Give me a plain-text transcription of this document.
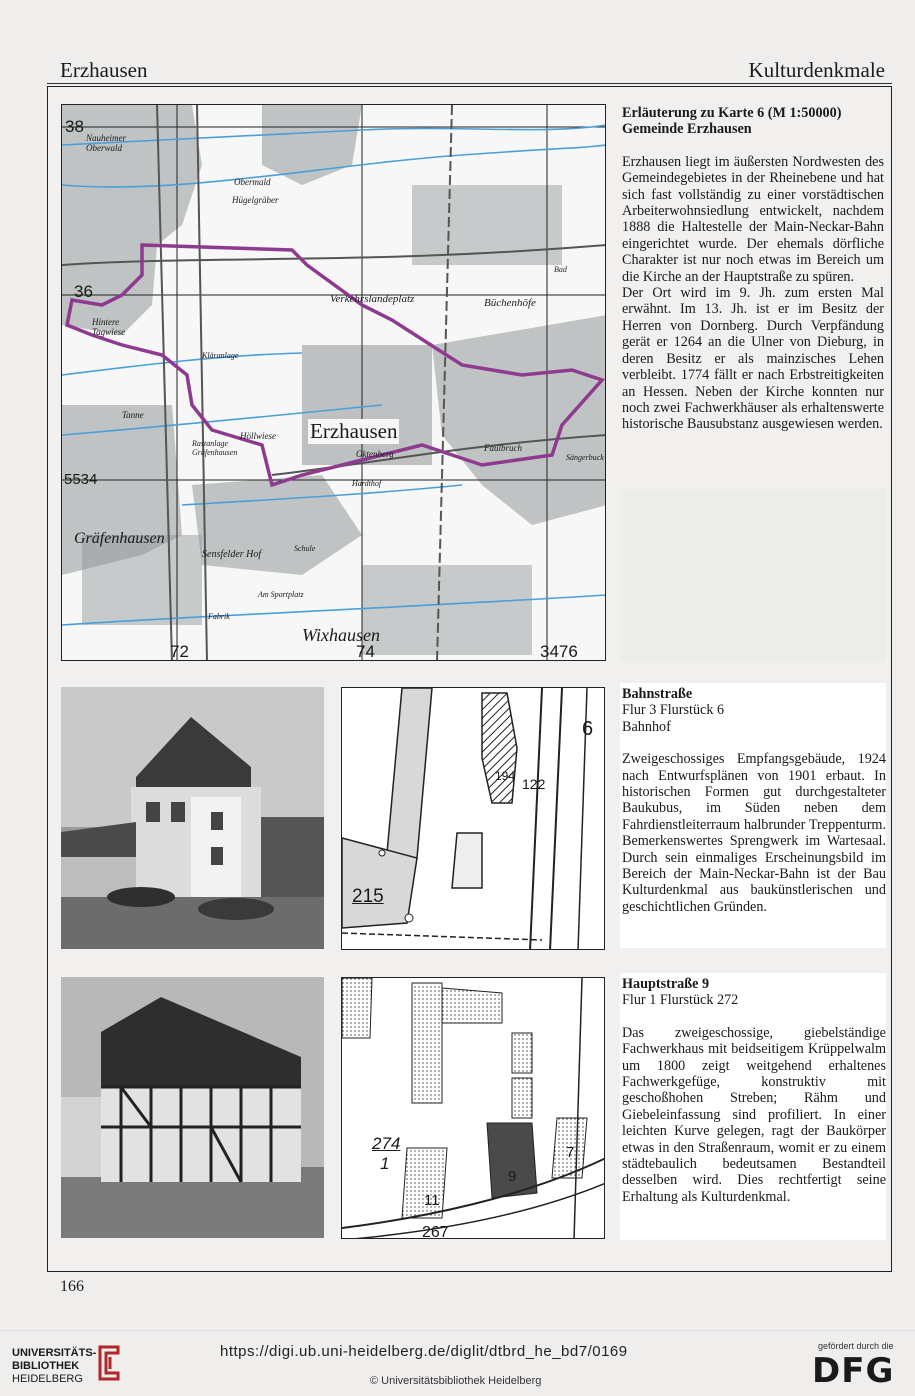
Erzhausen	Kulturdenkmale
38
36
5534
72	74	3476
Erzhausen
Gräfenhausen
Wixhausen
Verkehrslandeplatz	Büchenhöfe
Sensfelder Hof
Nauheimer Oberwald
Obermald
Hügelgräber
Hintere Tagwiese
Höllwiese
Rastanlage Gräfenhausen	Oktenberg
Faulbruch
Hardthof
Kläranlage
Am Sportplatz
Fabrik
Schule
Bad
Sängerbuck
Tanne
Erläuterung zu Karte 6 (M 1:50000)
Gemeinde Erzhausen

Erzhausen liegt im äußersten Nordwesten des Gemeindegebietes in der Rheinebene und hat sich fast vollständig zu einer vorstädtischen Arbeiterwohnsiedlung entwickelt, nachdem 1888 die Haltestelle der Main-Neckar-Bahn eingerichtet wurde. Der ehemals dörfliche Charakter ist nur noch etwas im Bereich um die Kirche an der Hauptstraße zu spüren.

Der Ort wird im 9. Jh. zum ersten Mal erwähnt. Im 13. Jh. ist er im Besitz der Herren von Dornberg. Durch Verpfändung gerät er 1264 an die Ulner von Dieburg, in deren Besitz er als mainzisches Lehen verbleibt. 1774 fällt er nach Erbstreitigkeiten an Hessen. Neben der Kirche konnten nur noch zwei Fachwerkhäuser als erhaltenswerte historische Bausubstanz ausgewiesen werden.

6
194 122
215
Bahnstraße
Flur 3 Flurstück 6
Bahnhof

Zweigeschossiges Empfangsgebäude, 1924 nach Entwurfsplänen von 1901 erbaut. In historischen Formen gut durchgestalteter Baukubus, im Süden neben dem Fahrdienstleiterraum halbrunder Treppenturm. Bemerkenswertes Sprengwerk im Wartesaal. Durch sein einmaliges Erscheinungsbild im Bereich der Main-Neckar-Bahn ist der Bau Kulturdenkmal aus baukünstlerischen und geschichtlichen Gründen.

274
1
11
9
7
267
Hauptstraße 9
Flur 1 Flurstück 272

Das zweigeschossige, giebelständige Fachwerkhaus mit beidseitigem Krüppelwalm um 1800 zeigt weitgehend erhaltenes Fachwerkgefüge, konstruktiv mit geschoßhohen Streben; Rähm und Giebeleinfassung sind profiliert. In einer leichten Kurve gelegen, ragt der Baukörper etwas in den Straßenraum, womit er zu einem städtebaulich bedeutsamen Bestandteil desselben wird. Dies rechtfertigt seine Erhaltung als Kulturdenkmal.

166
UNIVERSITÄTS-
BIBLIOTHEK
HEIDELBERG
https://digi.ub.uni-heidelberg.de/diglit/dtbrd_he_bd7/0169
© Universitätsbibliothek Heidelberg
gefördert durch die
DFG
